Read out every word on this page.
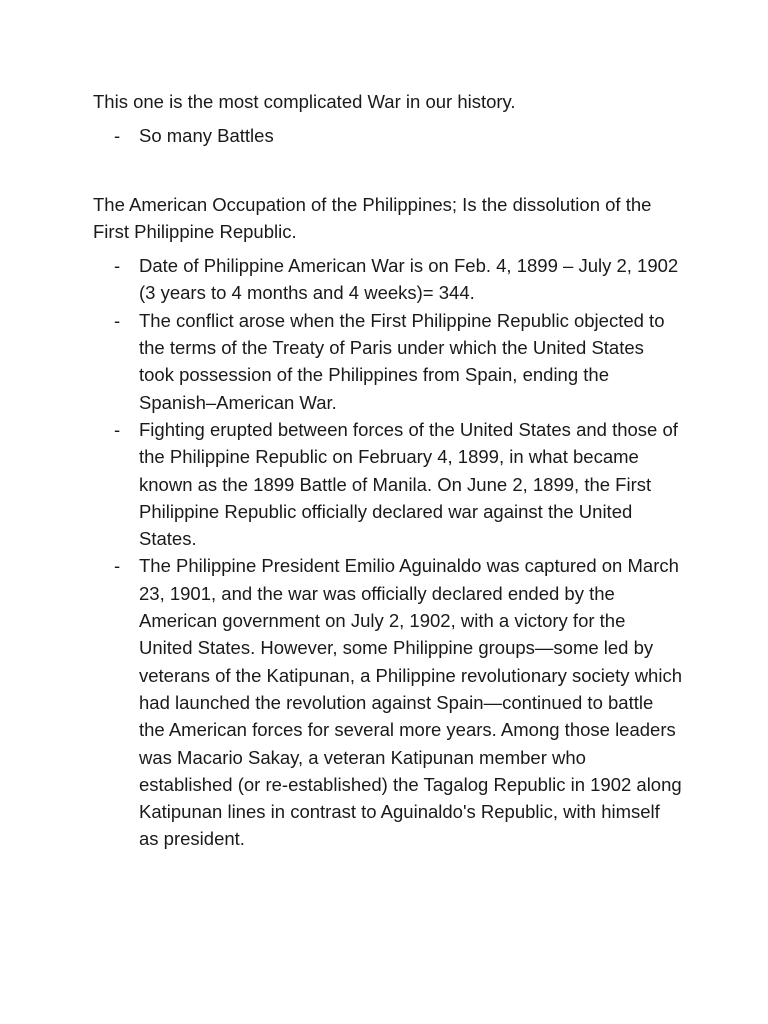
This one is the most complicated War in our history.

- So many Battles

The American Occupation of the Philippines; Is the dissolution of the First Philippine Republic.

- Date of Philippine American War is on Feb. 4, 1899 – July 2, 1902 (3 years to 4 months and 4 weeks)= 344.
- The conflict arose when the First Philippine Republic objected to the terms of the Treaty of Paris under which the United States took possession of the Philippines from Spain, ending the Spanish–American War.
- Fighting erupted between forces of the United States and those of the Philippine Republic on February 4, 1899, in what became known as the 1899 Battle of Manila. On June 2, 1899, the First Philippine Republic officially declared war against the United States.
- The Philippine President Emilio Aguinaldo was captured on March 23, 1901, and the war was officially declared ended by the American government on July 2, 1902, with a victory for the United States. However, some Philippine groups—some led by veterans of the Katipunan, a Philippine revolutionary society which had launched the revolution against Spain—continued to battle the American forces for several more years. Among those leaders was Macario Sakay, a veteran Katipunan member who established (or re-established) the Tagalog Republic in 1902 along Katipunan lines in contrast to Aguinaldo's Republic, with himself as president.
